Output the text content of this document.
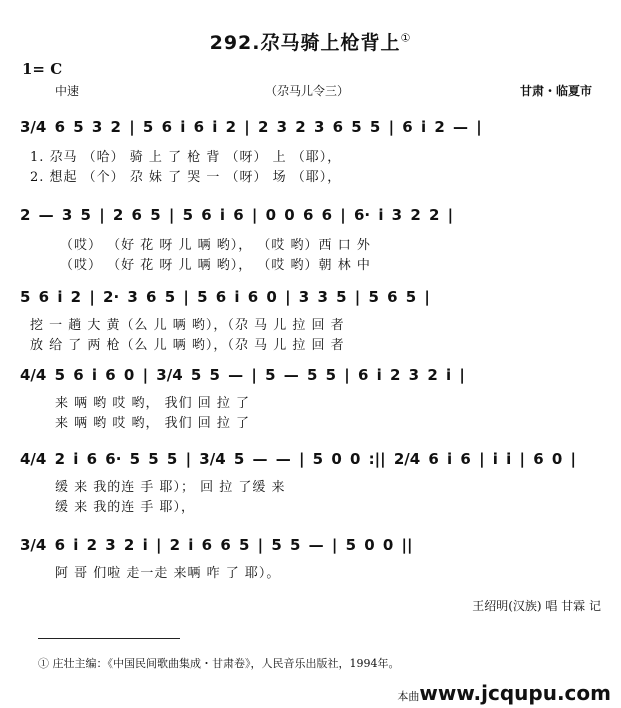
292.尕马骑上枪背上①
1= C
中速	（尕马儿令三）	甘肃・临夏市
3/4 6 5 3 2 | 5 6 i 6 i 2 | 2 3 2 3 6 5 5 | 6 i 2 — |
1. 尕马 （哈） 骑 上 了 枪 背 （呀） 上 （耶），
2. 想起 （个） 尕 妹 了 哭 一 （呀） 场 （耶），
2 — 3 5 | 2 6 5 | 5 6 i 6 | 0 0 6 6 | 6· i 3 2 2 |
（哎） （好 花 呀 儿 唡 哟）， （哎 哟）西 口 外
（哎） （好 花 呀 儿 唡 哟）， （哎 哟）朝 林 中
5 6 i 2 | 2· 3 6 5 | 5 6 i 6 0 | 3 3 5 | 5 6 5 |
挖 一 趟 大 黄（么 儿 唡 哟），（尕 马 儿 拉 回 者
放 给 了 两 枪（么 儿 唡 哟），（尕 马 儿 拉 回 者
4/4 5 6 i 6 0 | 3/4 5 5 — | 5 — 5 5 | 6 i 2 3 2 i |
来 唡 哟 哎 哟， 我们 回 拉 了
来 唡 哟 哎 哟， 我们 回 拉 了
4/4 2 i 6 6· 5 5 5 | 3/4 5 — — | 5 0 0 :|| 2/4 6 i 6 | i i | 6 0 |
缓 来 我的连 手 耶）； 回 拉 了缓 来
缓 来 我的连 手 耶），
3/4 6 i 2 3 2 i | 2 i 6 6 5 | 5 5 — | 5 0 0 ||
阿 哥 们啦 走一走 来唡 咋 了 耶）。
王绍明(汉族) 唱 甘霖 记
① 庄壮主编：《中国民间歌曲集成・甘肃卷》，人民音乐出版社，1994年。
本曲www.jcqupu.com
